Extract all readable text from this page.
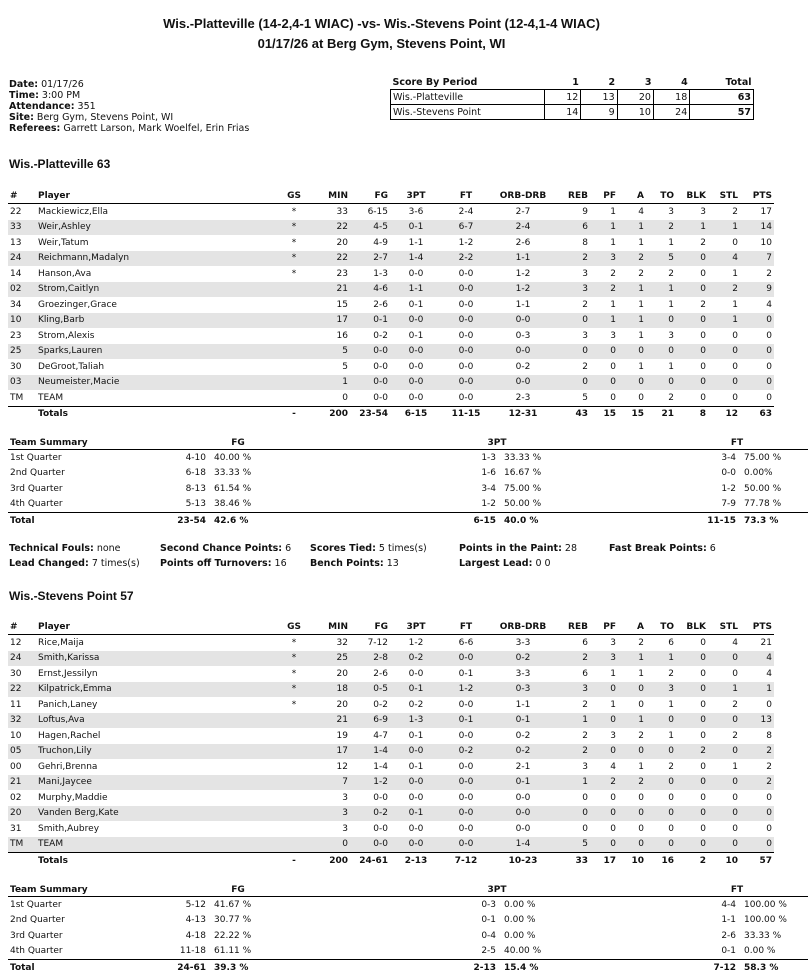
Wis.-Platteville (14-2,4-1 WIAC) -vs- Wis.-Stevens Point (12-4,1-4 WIAC)
01/17/26 at Berg Gym, Stevens Point, WI
Date: 01/17/26
Time: 3:00 PM
Attendance: 351
Site: Berg Gym, Stevens Point, WI
Referees: Garrett Larson, Mark Woelfel, Erin Frias
Score By Period	1	2	3	4	Total
Wis.-Platteville	12	13	20	18	63
Wis.-Stevens Point	14	9	10	24	57
Wis.-Platteville 63
#	Player	GS	MIN	FG	3PT	FT	ORB-DRB	REB	PF	A	TO	BLK	STL	PTS
22	Mackiewicz,Ella	*	33	6-15	3-6	2-4	2-7	9	1	4	3	3	2	17
33	Weir,Ashley	*	22	4-5	0-1	6-7	2-4	6	1	1	2	1	1	14
13	Weir,Tatum	*	20	4-9	1-1	1-2	2-6	8	1	1	1	2	0	10
24	Reichmann,Madalyn	*	22	2-7	1-4	2-2	1-1	2	3	2	5	0	4	7
14	Hanson,Ava	*	23	1-3	0-0	0-0	1-2	3	2	2	2	0	1	2
02	Strom,Caitlyn		21	4-6	1-1	0-0	1-2	3	2	1	1	0	2	9
34	Groezinger,Grace		15	2-6	0-1	0-0	1-1	2	1	1	1	2	1	4
10	Kling,Barb		17	0-1	0-0	0-0	0-0	0	1	1	0	0	1	0
23	Strom,Alexis		16	0-2	0-1	0-0	0-3	3	3	1	3	0	0	0
25	Sparks,Lauren		5	0-0	0-0	0-0	0-0	0	0	0	0	0	0	0
30	DeGroot,Taliah		5	0-0	0-0	0-0	0-2	2	0	1	1	0	0	0
03	Neumeister,Macie		1	0-0	0-0	0-0	0-0	0	0	0	0	0	0	0
TM	TEAM		0	0-0	0-0	0-0	2-3	5	0	0	2	0	0	0
	Totals	-	200	23-54	6-15	11-15	12-31	43	15	15	21	8	12	63
Team Summary	FG	3PT	FT
1st Quarter	4-10	40.00 %	1-3	33.33 %	3-4	75.00 %
2nd Quarter	6-18	33.33 %	1-6	16.67 %	0-0	0.00%
3rd Quarter	8-13	61.54 %	3-4	75.00 %	1-2	50.00 %
4th Quarter	5-13	38.46 %	1-2	50.00 %	7-9	77.78 %
Total	23-54	42.6 %	6-15	40.0 %	11-15	73.3 %
Technical Fouls: none	Second Chance Points: 6 Scores Tied: 5 times(s)	Points in the Paint: 28	Fast Break Points: 6
Lead Changed: 7 times(s) Points off Turnovers: 16 Bench Points: 13	Largest Lead: 0 0
Wis.-Stevens Point 57
#	Player	GS	MIN	FG	3PT	FT	ORB-DRB	REB	PF	A	TO	BLK	STL	PTS
12	Rice,Maija	*	32	7-12	1-2	6-6	3-3	6	3	2	6	0	4	21
24	Smith,Karissa	*	25	2-8	0-2	0-0	0-2	2	3	1	1	0	0	4
30	Ernst,Jessilyn	*	20	2-6	0-0	0-1	3-3	6	1	1	2	0	0	4
22	Kilpatrick,Emma	*	18	0-5	0-1	1-2	0-3	3	0	0	3	0	1	1
11	Panich,Laney	*	20	0-2	0-2	0-0	1-1	2	1	0	1	0	2	0
32	Loftus,Ava		21	6-9	1-3	0-1	0-1	1	0	1	0	0	0	13
10	Hagen,Rachel		19	4-7	0-1	0-0	0-2	2	3	2	1	0	2	8
05	Truchon,Lily		17	1-4	0-0	0-2	0-2	2	0	0	0	2	0	2
00	Gehri,Brenna		12	1-4	0-1	0-0	2-1	3	4	1	2	0	1	2
21	Mani,Jaycee		7	1-2	0-0	0-0	0-1	1	2	2	0	0	0	2
02	Murphy,Maddie		3	0-0	0-0	0-0	0-0	0	0	0	0	0	0	0
20	Vanden Berg,Kate		3	0-2	0-1	0-0	0-0	0	0	0	0	0	0	0
31	Smith,Aubrey		3	0-0	0-0	0-0	0-0	0	0	0	0	0	0	0
TM	TEAM		0	0-0	0-0	0-0	1-4	5	0	0	0	0	0	0
	Totals	-	200	24-61	2-13	7-12	10-23	33	17	10	16	2	10	57
Team Summary	FG	3PT	FT
1st Quarter	5-12	41.67 %	0-3	0.00 %	4-4	100.00 %
2nd Quarter	4-13	30.77 %	0-1	0.00 %	1-1	100.00 %
3rd Quarter	4-18	22.22 %	0-4	0.00 %	2-6	33.33 %
4th Quarter	11-18	61.11 %	2-5	40.00 %	0-1	0.00 %
Total	24-61	39.3 %	2-13	15.4 %	7-12	58.3 %
